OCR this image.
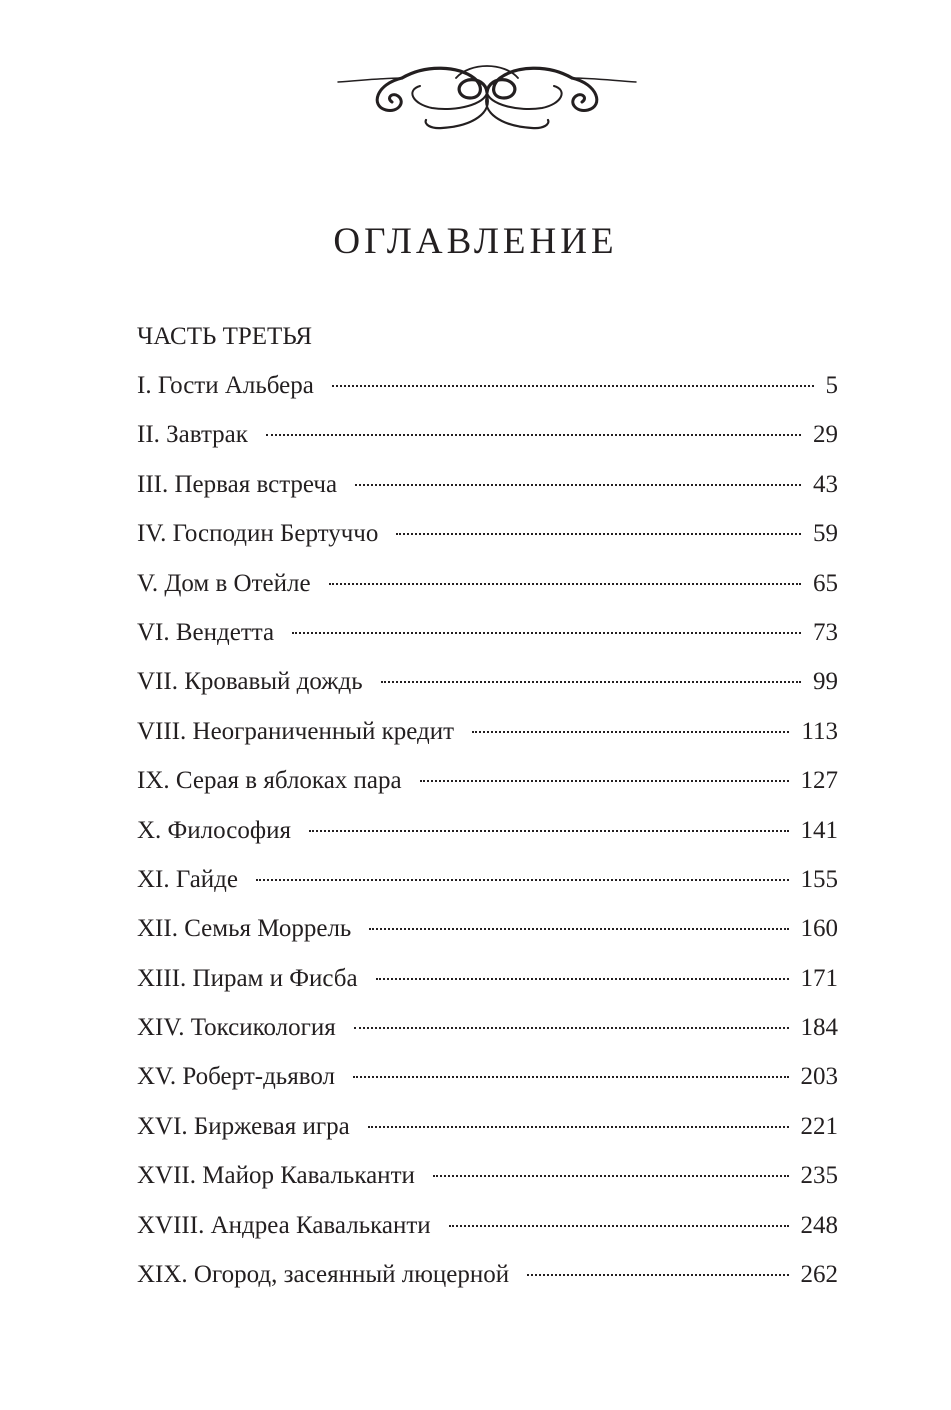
ОГЛАВЛЕНИЕ
ЧАСТЬ ТРЕТЬЯ
I. Гости Альбера	5
II. Завтрак	29
III. Первая встреча	43
IV. Господин Бертуччо	59
V. Дом в Отейле	65
VI. Вендетта	73
VII. Кровавый дождь	99
VIII. Неограниченный кредит	113
IX. Серая в яблоках пара	127
X. Философия	141
XI. Гайде	155
XII. Семья Моррель	160
XIII. Пирам и Фисба	171
XIV. Токсикология	184
XV. Роберт-дьявол	203
XVI. Биржевая игра	221
XVII. Майор Кавальканти	235
XVIII. Андреа Кавальканти	248
XIX. Огород, засеянный люцерной	262
